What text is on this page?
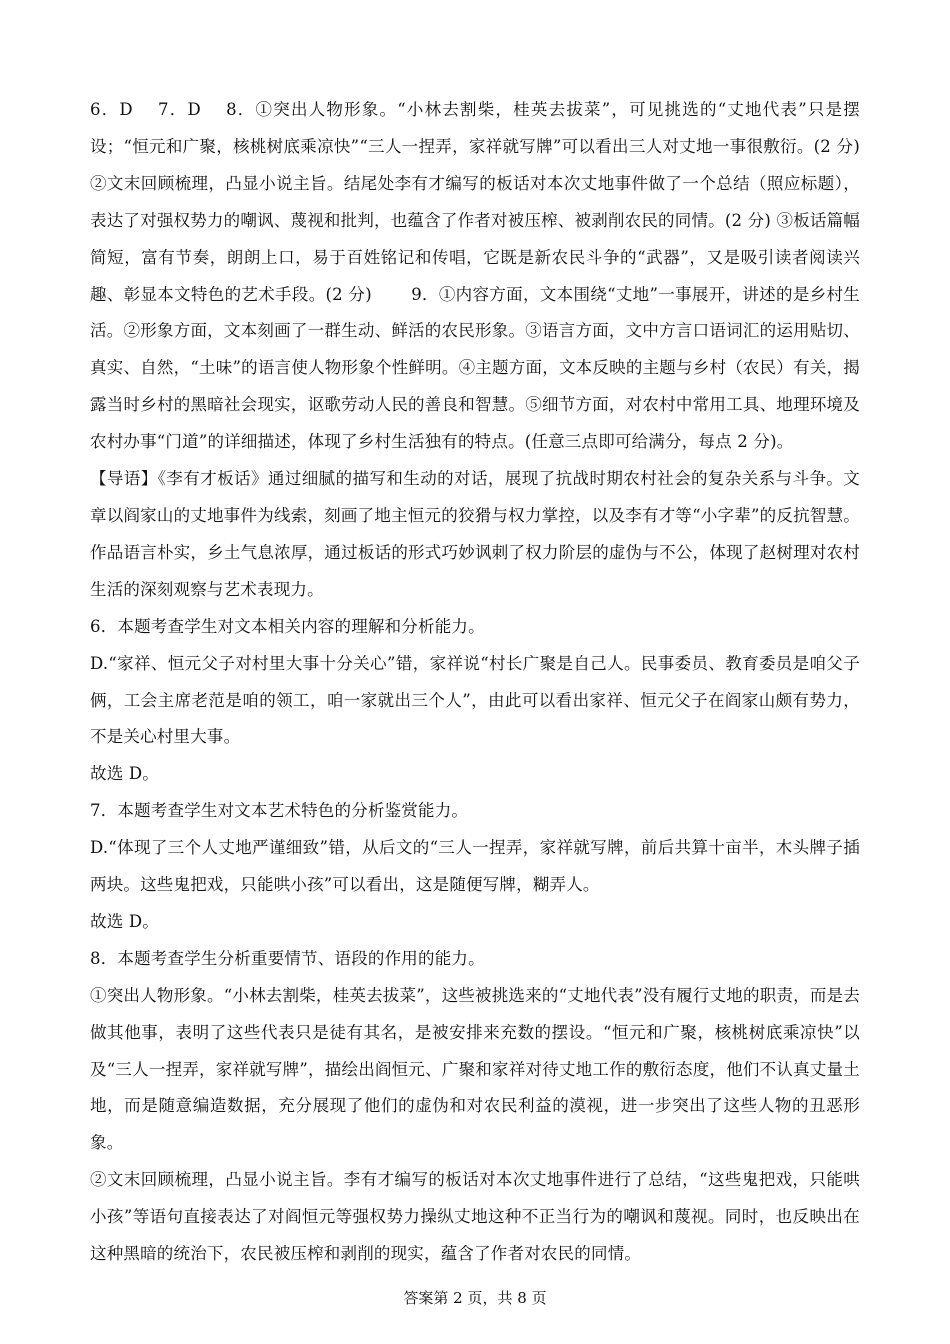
6．D　 7．D　 8．①突出人物形象。“小林去割柴，桂英去拔菜”，可见挑选的“丈地代表”只是摆设；“恒元和广聚，核桃树底乘凉快”“三人一捏弄，家祥就写牌”可以看出三人对丈地一事很敷衍。(2 分) ②文末回顾梳理，凸显小说主旨。结尾处李有才编写的板话对本次丈地事件做了一个总结（照应标题），表达了对强权势力的嘲讽、蔑视和批判，也蕴含了作者对被压榨、被剥削农民的同情。(2 分) ③板话篇幅简短，富有节奏，朗朗上口，易于百姓铭记和传唱，它既是新农民斗争的“武器”，又是吸引读者阅读兴趣、彰显本文特色的艺术手段。(2 分)　　 9．①内容方面，文本围绕“丈地”一事展开，讲述的是乡村生活。②形象方面，文本刻画了一群生动、鲜活的农民形象。③语言方面，文中方言口语词汇的运用贴切、真实、自然，“土味”的语言使人物形象个性鲜明。④主题方面，文本反映的主题与乡村（农民）有关，揭露当时乡村的黑暗社会现实，讴歌劳动人民的善良和智慧。⑤细节方面，对农村中常用工具、地理环境及农村办事“门道”的详细描述，体现了乡村生活独有的特点。(任意三点即可给满分，每点 2 分)。

【导语】《李有才板话》通过细腻的描写和生动的对话，展现了抗战时期农村社会的复杂关系与斗争。文章以阎家山的丈地事件为线索，刻画了地主恒元的狡猾与权力掌控，以及李有才等“小字辈”的反抗智慧。作品语言朴实，乡土气息浓厚，通过板话的形式巧妙讽刺了权力阶层的虚伪与不公，体现了赵树理对农村生活的深刻观察与艺术表现力。

6．本题考查学生对文本相关内容的理解和分析能力。

D.“家祥、恒元父子对村里大事十分关心”错，家祥说“村长广聚是自己人。民事委员、教育委员是咱父子俩，工会主席老范是咱的领工，咱一家就出三个人”，由此可以看出家祥、恒元父子在阎家山颇有势力，不是关心村里大事。

故选 D。

7．本题考查学生对文本艺术特色的分析鉴赏能力。

D.“体现了三个人丈地严谨细致”错，从后文的“三人一捏弄，家祥就写牌，前后共算十亩半，木头牌子插两块。这些鬼把戏，只能哄小孩”可以看出，这是随便写牌，糊弄人。

故选 D。

8．本题考查学生分析重要情节、语段的作用的能力。

①突出人物形象。“小林去割柴，桂英去拔菜”，这些被挑选来的“丈地代表”没有履行丈地的职责，而是去做其他事，表明了这些代表只是徒有其名，是被安排来充数的摆设。“恒元和广聚，核桃树底乘凉快”以及“三人一捏弄，家祥就写牌”，描绘出阎恒元、广聚和家祥对待丈地工作的敷衍态度，他们不认真丈量土地，而是随意编造数据，充分展现了他们的虚伪和对农民利益的漠视，进一步突出了这些人物的丑恶形象。

②文末回顾梳理，凸显小说主旨。李有才编写的板话对本次丈地事件进行了总结，“这些鬼把戏，只能哄小孩”等语句直接表达了对阎恒元等强权势力操纵丈地这种不正当行为的嘲讽和蔑视。同时，也反映出在这种黑暗的统治下，农民被压榨和剥削的现实，蕴含了作者对农民的同情。

答案第 2 页，共 8 页
